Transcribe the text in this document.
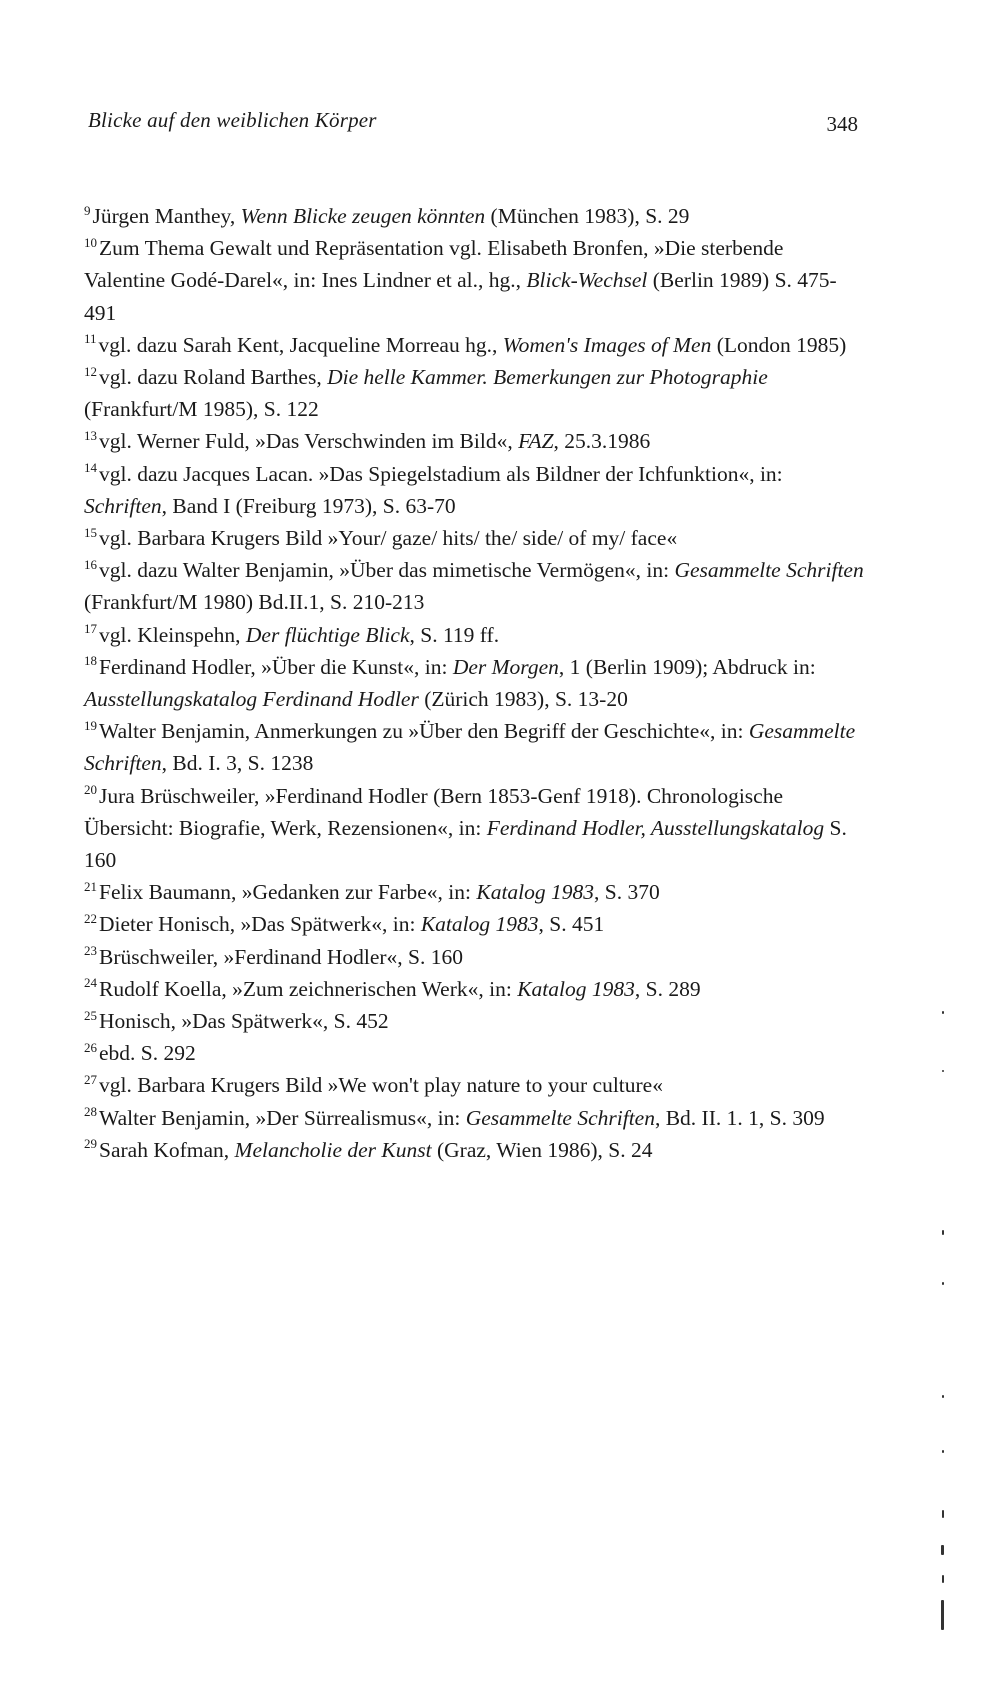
Blicke auf den weiblichen Körper	348
$^9$Jürgen Manthey, Wenn Blicke zeugen könnten (München 1983), S. 29
$^{10}$Zum Thema Gewalt und Repräsentation vgl. Elisabeth Bronfen, »Die sterbende Valentine Godé-Darel«, in: Ines Lindner et al., hg., Blick-Wechsel (Berlin 1989) S. 475-491
$^{11}$vgl. dazu Sarah Kent, Jacqueline Morreau hg., Women's Images of Men (London 1985)
$^{12}$vgl. dazu Roland Barthes, Die helle Kammer. Bemerkungen zur Photographie (Frankfurt/M 1985), S. 122
$^{13}$vgl. Werner Fuld, »Das Verschwinden im Bild«, FAZ, 25.3.1986
$^{14}$vgl. dazu Jacques Lacan. »Das Spiegelstadium als Bildner der Ichfunktion«, in: Schriften, Band I (Freiburg 1973), S. 63-70
$^{15}$vgl. Barbara Krugers Bild »Your/ gaze/ hits/ the/ side/ of my/ face«
$^{16}$vgl. dazu Walter Benjamin, »Über das mimetische Vermögen«, in: Gesammelte Schriften (Frankfurt/M 1980) Bd.II.1, S. 210-213
$^{17}$vgl. Kleinspehn, Der flüchtige Blick, S. 119 ff.
$^{18}$Ferdinand Hodler, »Über die Kunst«, in: Der Morgen, 1 (Berlin 1909); Abdruck in: Ausstellungskatalog Ferdinand Hodler (Zürich 1983), S. 13-20
$^{19}$Walter Benjamin, Anmerkungen zu »Über den Begriff der Geschichte«, in: Gesammelte Schriften, Bd. I. 3, S. 1238
$^{20}$Jura Brüschweiler, »Ferdinand Hodler (Bern 1853-Genf 1918). Chronologische Übersicht: Biografie, Werk, Rezensionen«, in: Ferdinand Hodler, Ausstellungskatalog S. 160
$^{21}$Felix Baumann, »Gedanken zur Farbe«, in: Katalog 1983, S. 370
$^{22}$Dieter Honisch, »Das Spätwerk«, in: Katalog 1983, S. 451
$^{23}$Brüschweiler, »Ferdinand Hodler«, S. 160
$^{24}$Rudolf Koella, »Zum zeichnerischen Werk«, in: Katalog 1983, S. 289
$^{25}$Honisch, »Das Spätwerk«, S. 452
$^{26}$ebd. S. 292
$^{27}$vgl. Barbara Krugers Bild »We won't play nature to your culture«
$^{28}$Walter Benjamin, »Der Sürrealismus«, in: Gesammelte Schriften, Bd. II. 1. 1, S. 309
$^{29}$Sarah Kofman, Melancholie der Kunst (Graz, Wien 1986), S. 24
